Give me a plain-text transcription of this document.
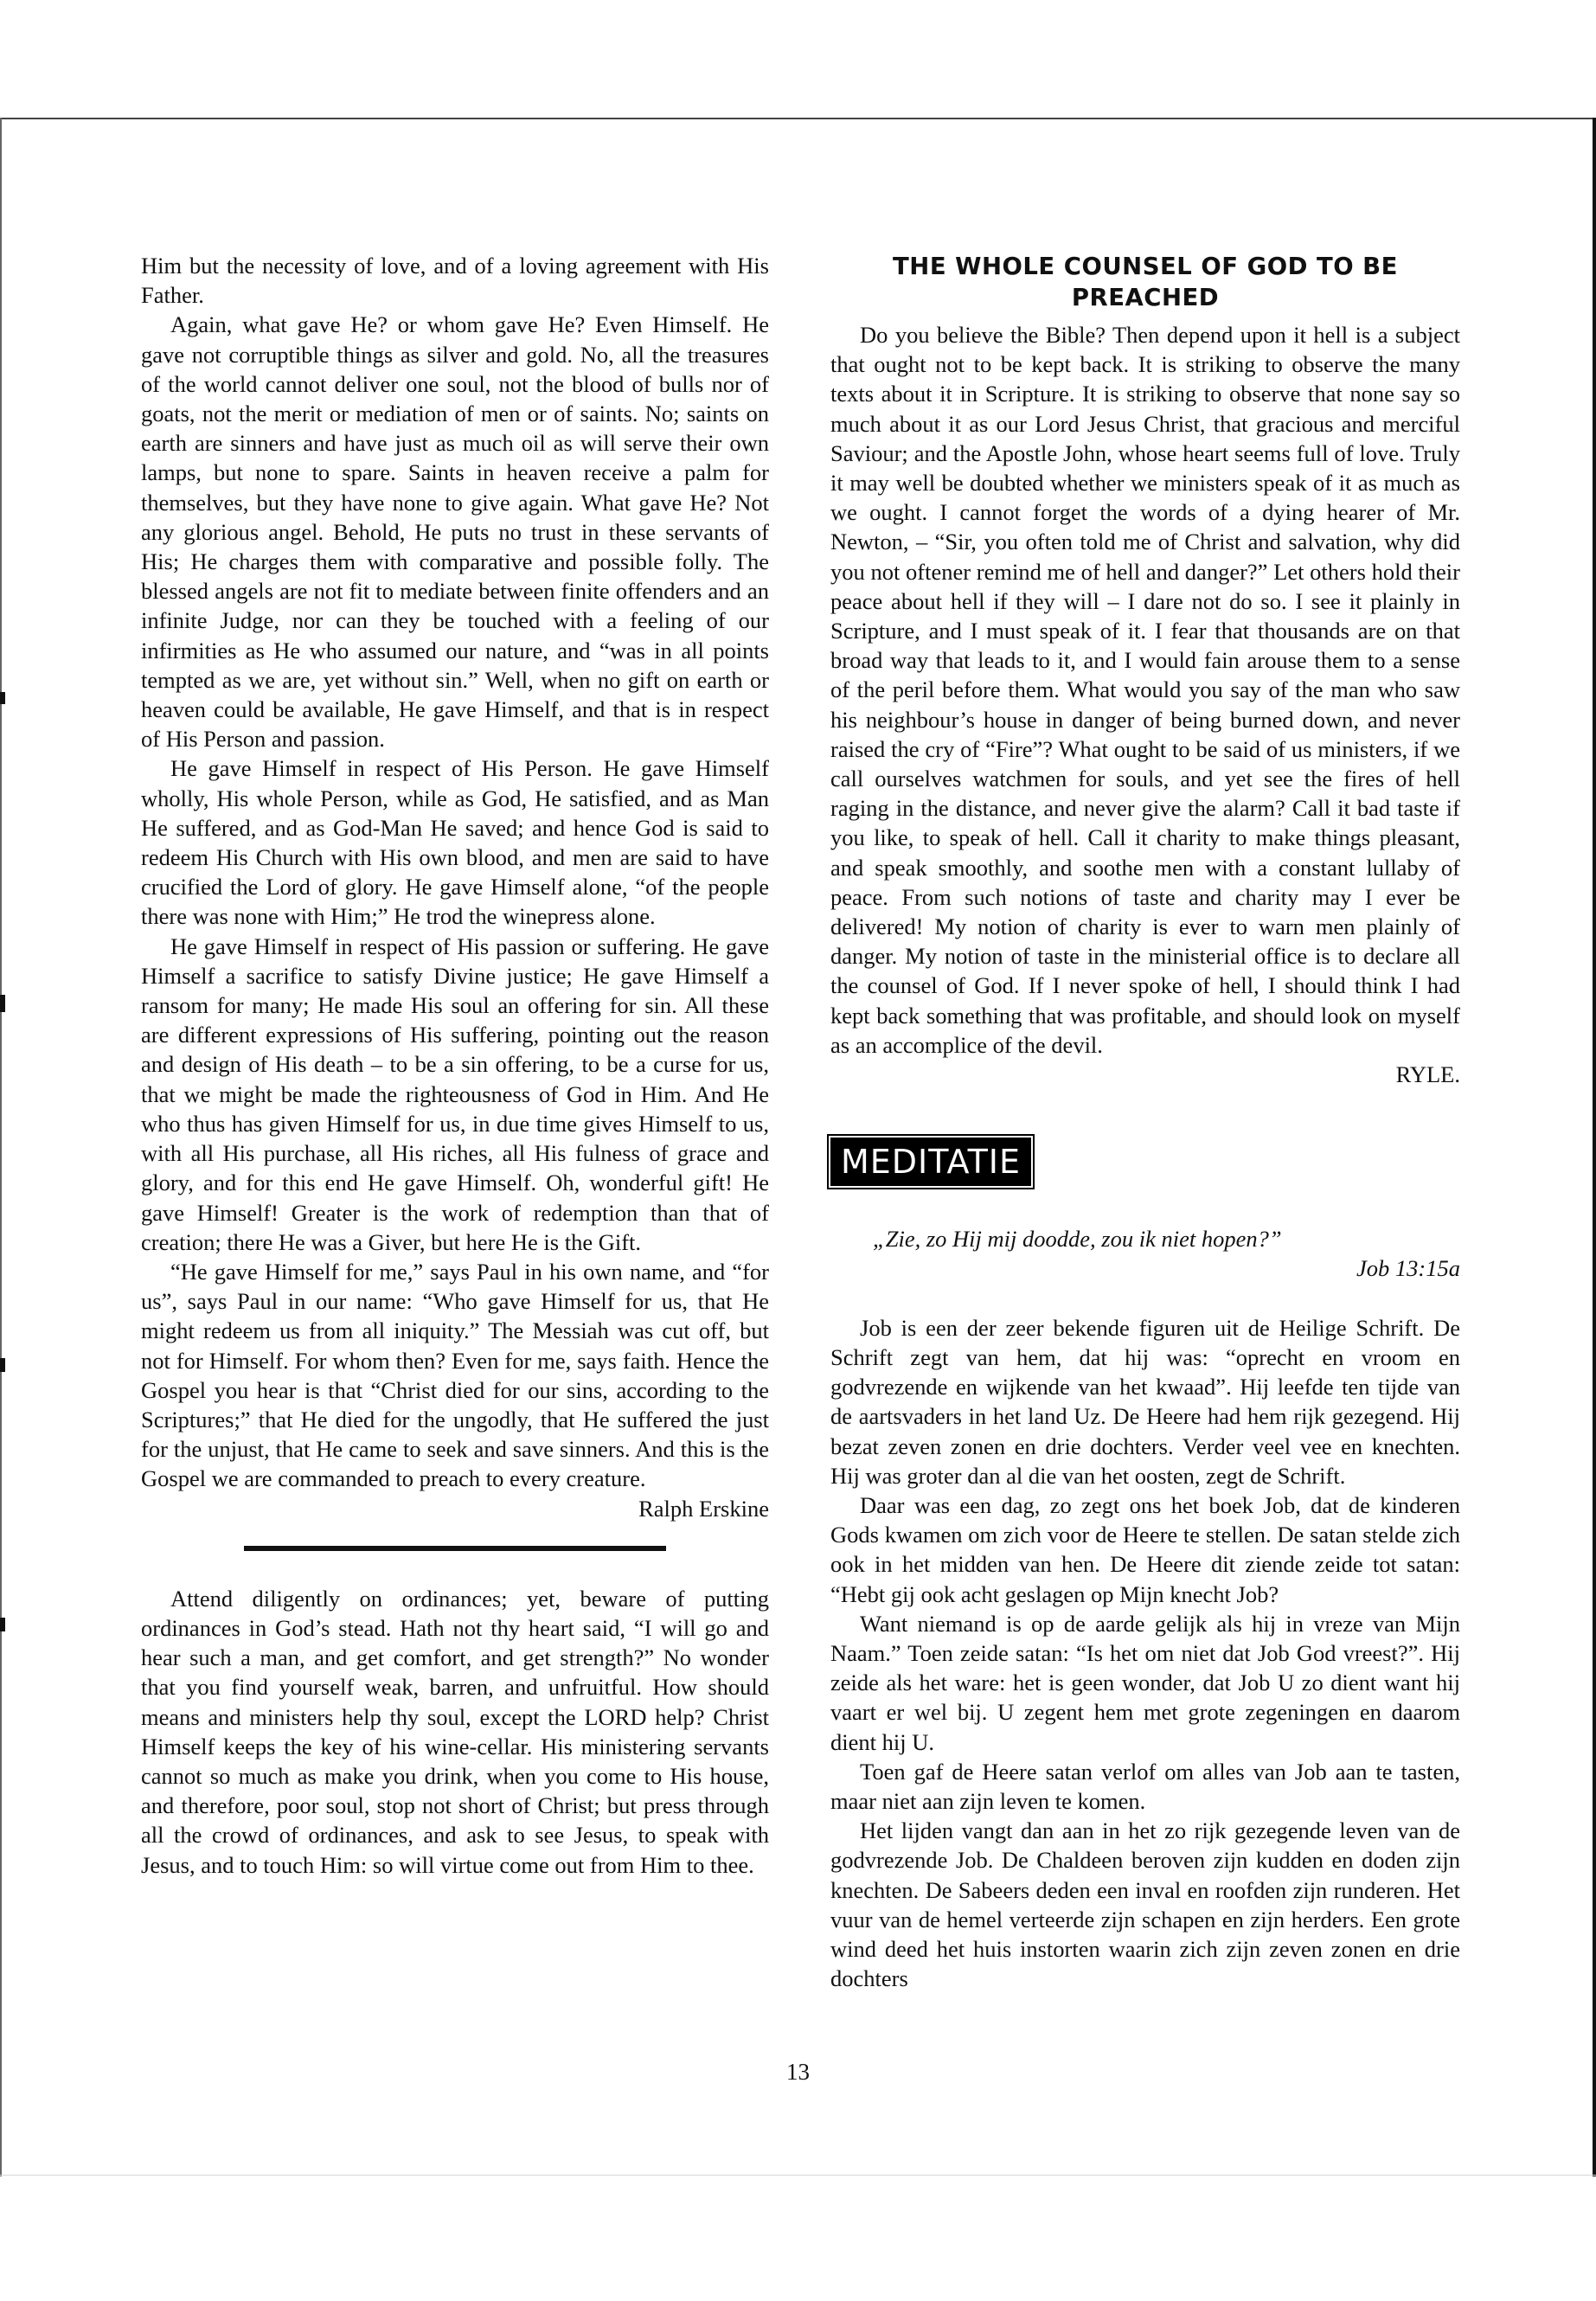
Him but the necessity of love, and of a loving agreement with His Father.

Again, what gave He? or whom gave He? Even Himself. He gave not corruptible things as silver and gold. No, all the treasures of the world cannot deliver one soul, not the blood of bulls nor of goats, not the merit or mediation of men or of saints. No; saints on earth are sinners and have just as much oil as will serve their own lamps, but none to spare. Saints in heaven receive a palm for themselves, but they have none to give again. What gave He? Not any glorious angel. Behold, He puts no trust in these servants of His; He charges them with comparative and possible folly. The blessed angels are not fit to mediate between finite offenders and an infinite Judge, nor can they be touched with a feeling of our infirmities as He who assumed our nature, and “was in all points tempted as we are, yet without sin.” Well, when no gift on earth or heaven could be available, He gave Himself, and that is in respect of His Person and passion.

He gave Himself in respect of His Person. He gave Himself wholly, His whole Person, while as God, He satisfied, and as Man He suffered, and as God-Man He saved; and hence God is said to redeem His Church with His own blood, and men are said to have crucified the Lord of glory. He gave Himself alone, “of the people there was none with Him;” He trod the winepress alone.

He gave Himself in respect of His passion or suffering. He gave Himself a sacrifice to satisfy Divine justice; He gave Himself a ransom for many; He made His soul an offering for sin. All these are different expressions of His suffering, pointing out the reason and design of His death – to be a sin offering, to be a curse for us, that we might be made the righteousness of God in Him. And He who thus has given Himself for us, in due time gives Himself to us, with all His purchase, all His riches, all His fulness of grace and glory, and for this end He gave Himself. Oh, wonderful gift! He gave Himself! Greater is the work of redemption than that of creation; there He was a Giver, but here He is the Gift.

“He gave Himself for me,” says Paul in his own name, and “for us”, says Paul in our name: “Who gave Himself for us, that He might redeem us from all iniquity.” The Messiah was cut off, but not for Himself. For whom then? Even for me, says faith. Hence the Gospel you hear is that “Christ died for our sins, according to the Scriptures;” that He died for the ungodly, that He suffered the just for the unjust, that He came to seek and save sinners. And this is the Gospel we are commanded to preach to every creature.

Ralph Erskine

Attend diligently on ordinances; yet, beware of putting ordinances in God’s stead. Hath not thy heart said, “I will go and hear such a man, and get comfort, and get strength?” No wonder that you find yourself weak, barren, and unfruitful. How should means and ministers help thy soul, except the LORD help? Christ Himself keeps the key of his wine-cellar. His ministering servants cannot so much as make you drink, when you come to His house, and therefore, poor soul, stop not short of Christ; but press through all the crowd of ordinances, and ask to see Jesus, to speak with Jesus, and to touch Him: so will virtue come out from Him to thee.

THE WHOLE COUNSEL OF GOD TO BE PREACHED

Do you believe the Bible? Then depend upon it hell is a subject that ought not to be kept back. It is striking to observe the many texts about it in Scripture. It is striking to observe that none say so much about it as our Lord Jesus Christ, that gracious and merciful Saviour; and the Apostle John, whose heart seems full of love. Truly it may well be doubted whether we ministers speak of it as much as we ought. I cannot forget the words of a dying hearer of Mr. Newton, – “Sir, you often told me of Christ and salvation, why did you not oftener remind me of hell and danger?” Let others hold their peace about hell if they will – I dare not do so. I see it plainly in Scripture, and I must speak of it. I fear that thousands are on that broad way that leads to it, and I would fain arouse them to a sense of the peril before them. What would you say of the man who saw his neighbour’s house in danger of being burned down, and never raised the cry of “Fire”? What ought to be said of us ministers, if we call ourselves watchmen for souls, and yet see the fires of hell raging in the distance, and never give the alarm? Call it bad taste if you like, to speak of hell. Call it charity to make things pleasant, and speak smoothly, and soothe men with a constant lullaby of peace. From such notions of taste and charity may I ever be delivered! My notion of charity is ever to warn men plainly of danger. My notion of taste in the ministerial office is to declare all the counsel of God. If I never spoke of hell, I should think I had kept back something that was profitable, and should look on myself as an accomplice of the devil.

RYLE.
MEDITATIE
„Zie, zo Hij mij doodde, zou ik niet hopen?”
Job 13:15a

Job is een der zeer bekende figuren uit de Heilige Schrift. De Schrift zegt van hem, dat hij was: “oprecht en vroom en godvrezende en wijkende van het kwaad”. Hij leefde ten tijde van de aartsvaders in het land Uz. De Heere had hem rijk gezegend. Hij bezat zeven zonen en drie dochters. Verder veel vee en knechten. Hij was groter dan al die van het oosten, zegt de Schrift.

Daar was een dag, zo zegt ons het boek Job, dat de kinderen Gods kwamen om zich voor de Heere te stellen. De satan stelde zich ook in het midden van hen. De Heere dit ziende zeide tot satan: “Hebt gij ook acht geslagen op Mijn knecht Job?

Want niemand is op de aarde gelijk als hij in vreze van Mijn Naam.” Toen zeide satan: “Is het om niet dat Job God vreest?”. Hij zeide als het ware: het is geen wonder, dat Job U zo dient want hij vaart er wel bij. U zegent hem met grote zegeningen en daarom dient hij U.

Toen gaf de Heere satan verlof om alles van Job aan te tasten, maar niet aan zijn leven te komen.

Het lijden vangt dan aan in het zo rijk gezegende leven van de godvrezende Job. De Chaldeen beroven zijn kudden en doden zijn knechten. De Sabeers deden een inval en roofden zijn runderen. Het vuur van de hemel verteerde zijn schapen en zijn herders. Een grote wind deed het huis instorten waarin zich zijn zeven zonen en drie dochters

13
